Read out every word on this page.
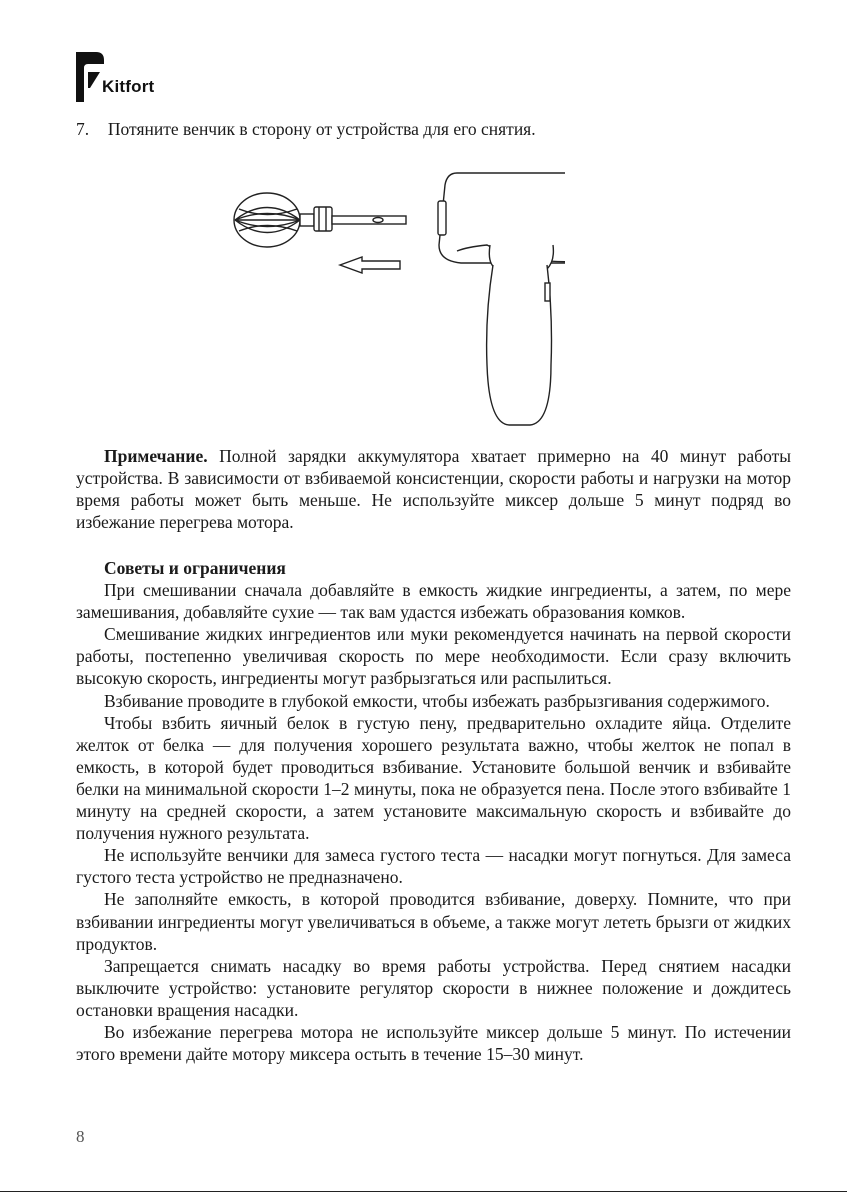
Kitfort
7. Потяните венчик в сторону от устройства для его снятия.

Примечание. Полной зарядки аккумулятора хватает примерно на 40 минут работы устройства. В зависимости от взбиваемой консистенции, скорости работы и нагрузки на мотор время работы может быть меньше. Не используйте миксер дольше 5 минут подряд во избежание перегрева мотора.

Советы и ограничения

При смешивании сначала добавляйте в емкость жидкие ингредиенты, а затем, по мере замешивания, добавляйте сухие — так вам удастся избежать образования комков.

Смешивание жидких ингредиентов или муки рекомендуется начинать на первой скорости работы, постепенно увеличивая скорость по мере необходимости. Если сразу включить высокую скорость, ингредиенты могут разбрызгаться или распылиться.

Взбивание проводите в глубокой емкости, чтобы избежать разбрызгивания содержимого.

Чтобы взбить яичный белок в густую пену, предварительно охладите яйца. Отделите желток от белка — для получения хорошего результата важно, чтобы желток не попал в емкость, в которой будет проводиться взбивание. Установите большой венчик и взбивайте белки на минимальной скорости 1–2 минуты, пока не образуется пена. После этого взбивайте 1 минуту на средней скорости, а затем установите максимальную скорость и взбивайте до получения нужного результата.

Не используйте венчики для замеса густого теста — насадки могут погнуться. Для замеса густого теста устройство не предназначено.

Не заполняйте емкость, в которой проводится взбивание, доверху. Помните, что при взбивании ингредиенты могут увеличиваться в объеме, а также могут лететь брызги от жидких продуктов.

Запрещается снимать насадку во время работы устройства. Перед снятием насадки выключите устройство: установите регулятор скорости в нижнее положение и дождитесь остановки вращения насадки.

Во избежание перегрева мотора не используйте миксер дольше 5 минут. По истечении этого времени дайте мотору миксера остыть в течение 15–30 минут.

8
